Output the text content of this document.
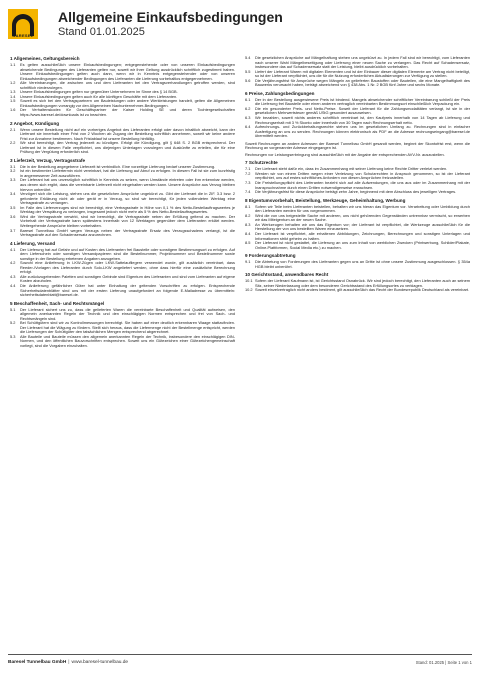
BARESEL
Allgemeine Einkaufsbedingungen
Stand 01.01.2025
1 Allgemeines, Geltungsbereich
1.1	Es gelten ausschließlich unsere Einkaufsbedingungen; entgegenstehende oder von unseren Einkaufsbedingungen abweichende Bedingungen des Lieferanten gelten nur, soweit wir ihrer Geltung ausdrücklich schriftlich zugestimmt haben. Unsere Einkaufsbedingungen gelten auch dann, wenn wir in Kenntnis entgegenstehender oder von unseren Einkaufsbedingungen abweichender Bedingungen des Lieferanten die Lieferung vorbehaltlos entgegennehmen.
1.2	Alle Vereinbarungen, die zwischen uns und dem Lieferanten bei den Vertragsverhandlungen getroffen werden, sind schriftlich niederzulegen.
1.3	Unsere Einkaufsbedingungen gelten nur gegenüber Unternehmern im Sinne des § 14 BGB.
1.4	Unsere Einkaufsbedingungen gelten auch für alle künftigen Geschäfte mit dem Lieferanten.
1.5	Soweit es sich bei den Vertragspartnern um Bauleistungen oder andere Werkleistungen handelt, gelten die Allgemeinen Einkaufsbedingungen vorrangig vor den Allgemeinen Nachunternehmer-Bedingungen.
1.6	Der Verhaltenskodex für Geschäftspartner der Kaiser Holding SE und deren Tochtergesellschaften https://www.baresel.de/downloads ist zu beachten.
2 Angebot, Kündigung
2.1	Wenn unsere Bestellung nicht auf ein vorheriges Angebot des Lieferanten erfolgt oder davon inhaltlich abweicht, kann der Lieferant sie innerhalb einer Frist von 2 Wochen ab Zugang der Bestellung schriftlich annehmen, soweit wir keine andere Frist zur Annahme bestimmen. Nach Fristablauf ist unsere Bestellung hinfällig.
2.2	Wir sind berechtigt, den Vertrag jederzeit zu kündigen. Erfolgt die Kündigung, gilt § 648 S. 2 BGB entsprechend. Der Lieferant ist in diesem Falle verpflichtet, uns diejenigen Unterlagen vorzulegen und Auskünfte zu erteilen, die für eine Prüfung der Vergütung erforderlich sind.
3 Lieferzeit, Verzug, Vertragsstrafe
3.1	Die in der Bestellung angegebene Lieferzeit ist verbindlich. Eine vorzeitige Lieferung bedarf unserer Zustimmung.
3.2	Ist ein bestimmter Liefertermin nicht vereinbart, hat die Lieferung auf Abruf zu erfolgen. In diesem Fall ist sie zum kurzfristig in angemessener Zeit auszuführen.
3.3	Der Lieferant hat uns unverzüglich schriftlich in Kenntnis zu setzen, wenn Umstände eintreten oder ihm erkennbar werden, aus denen sich ergibt, dass die vereinbarte Lieferzeit nicht eingehalten werden kann. Unsere Ansprüche aus Verzug bleiben hiervon unberührt.
3.4	Verzögert sich die Leistung, stehen uns die gesetzlichen Ansprüche ungekürzt zu. Gibt der Lieferant die in ZIF. 3.3 bzw. 2 geforderte Erklärung nicht ab oder gerät er in Verzug, so sind wir berechtigt, für jeden vollendeten Werktag eine Vertragsstrafe zu verlangen.
3.5	Im Falle des Lieferverzuges sind wir berechtigt, eine Vertragsstrafe in Höhe von 0,1 % des Netto-Bestellauftragswertes je Werktag der Verspätung zu verlangen, insgesamt jedoch nicht mehr als 5 % des Netto-Bestellauftragswertes.
3.6	Wird die Vertragsstrafe verwirkt, sind wir berechtigt, die Vertragsstrafe neben der Erfüllung geltend zu machen. Der Vorbehalt der Vertragsstrafe kann spätestens innerhalb von 12 Werktagen gegenüber dem Lieferanten erklärt werden. Weitergehende Ansprüche bleiben vorbehalten.
3.7	Baresel Tunnelbau GmbH wegen Verzugs neben der Vertragsstrafe Ersatz des Verzugsschadens verlangt, ist die Vertragsstrafe auf den Schadensersatz anzurechnen.
4 Lieferung, Versand
4.1	Der Lieferung hat auf Gefahr und auf Kosten des Lieferanten frei Baustelle oder sonstigem Bestimmungsort zu erfolgen. Auf dem Lieferschein oder sonstigen Versandpapieren sind die Bestellnummer, Projektnummer und Bestellnummer sowie sonstige in der Bestellung erbetenen Angaben anzugeben.
4.2	Sowohl eine Anlieferung in LKW-Zügen oder LKW-Sattelaufliegern verwendet wurde, gilt zusätzlich vereinbart, dass Reeder-/Vorlagen des Lieferanten durch Solo-LKW angeliefert werden, ohne dass hierfür eine zusätzliche Berechnung erfolgt.
4.3	Alle zurückzugebenden Paletten und sonstigen Gebinde sind Eigentum des Lieferanten und sind vom Lieferanten auf eigene Kosten abzuholen.
4.4	Die Anlieferung gefährlicher Güter hat unter Einhaltung der geltenden Vorschriften zu erfolgen. Entsprechende Sicherheitsdatenblätter sind uns mit der ersten Lieferung unaufgefordert an folgende E-Mailadresse zu übermitteln: sicherheitsdatenblatt@baresel.de.
5 Beschaffenheit, Sach- und Rechtsmängel
5.1	Der Lieferant sichert uns zu, dass die gelieferten Waren die vereinbarte Beschaffenheit und Qualität aufweisen, den allgemein anerkannten Regeln der Technik und den einschlägigen Normen entsprechen und frei von Sach- und Rechtsmängeln sind.
5.2	Bei Schüttgütern sind wir zu Kontrollmessungen berechtigt. Sie haben auf einer deutlich erkennbaren Waage stattzufinden. Der Lieferant hat die Wägung zu fördern. Stellt sich heraus, dass die Liefermenge nicht der Bestellmenge entspricht, werden die Lieferungen der Schüttgüter den tatsächlichen Mengen entsprechend abgerechnet.
5.3	Alle Bauteile und Bauteile müssen den allgemein anerkannten Regeln der Technik, insbesondere den einschlägigen DIN-Normen, und den öffentlichen Bauvorschriften entsprechen. Soweit uns ein Gütezeichen einer Gütezeichengemeinschaft vorliegt, sind die Vorgaben einzuhalten.
5.4	Die gesetzlichen Ansprüche auf Mängelhaftung stehen uns ungekürzt zu. In jedem Fall sind wir berechtigt, vom Lieferanten nach unserer Wahl Mängelbeseitigung oder Lieferung einer neuen Sache zu verlangen. Das Recht auf Schadensersatz, insbesondere das auf Schadensersatz statt der Leistung, bleibt ausdrücklich vorbehalten.
5.5	Liefert der Lieferant Waren mit digitalen Elementen und ist der Einbauer dieser digitalen Elemente am Vertrag nicht beteiligt, so ist der Lieferant verpflichtet, uns die für die Nutzung erforderlichen Aktualisierungen zur Verfügung zu stellen.
5.6	Die Verjährungsfrist für Ansprüche wegen Mängeln an gelieferten Baustoffen oder Bauteilen, die eine Mangelhaftigkeit des Bauwerks verursacht haben, beträgt abweichend von § 438 Abs. 1 Nr. 2 BGB fünf Jahre und sechs Monate.
6 Preise, Zahlungsbedingungen
6.1	Der in der Bestellung ausgewiesene Preis ist bindend. Mangels abweichender schriftlicher Vereinbarung schließt der Preis die Lieferung frei Baustelle oder einen anderen vertraglich vereinbarten Bestimmungsort einschließlich Verpackung ein.
6.2	Die ein gesonderter Preis- und Netto-Preise. Soweit der Lieferant für die Zahlungsmodalitäten verlangt, ist sie in der gesetzlichen Mehrwertsteuer gemäß UStG gesondert auszuweisen.
6.3	Wir bezahlen, soweit nichts anderes schriftlich vereinbart ist, den Kaufpreis innerhalb von 14 Tagen ab Lieferung und Rechnungserhalt mit 3 % Skonto oder innerhalb von 30 Tagen nach Rechnungserhalt netto.
6.4	Aufrechnungs- und Zurückbehaltungsrechte stehen uns im gesetzlichen Umfang zu. Rechnungen sind in einfacher Ausfertigung an uns zu senden. Rechnungen können elektronisch als PDF an die Adresse rechnungseingang@baresel.de übermittelt werden.
Soweit Rechnungen an andere Adressen der Baresel Tunnelbau GmbH gesandt werden, beginnt der Skontofrist erst, wenn die Rechnung an vorgenannter Adresse eingegangen ist.
Rechnungen vor Leistungserbringung sind ausschließlich mit der Angabe der entsprechenden AVV-Nr. auszustellen.
7 Schutzrechte
7.1	Der Lieferant steht dafür ein, dass im Zusammenhang mit seiner Lieferung keine Rechte Dritter verletzt werden.
7.2	Werden wir von einem Dritten wegen einer Verletzung von Schutzrechten in Anspruch genommen, so ist der Lieferant verpflichtet, uns auf erstes schriftliches Anfordern von diesen Ansprüchen freizustellen.
7.3	Die Freistellungspflicht des Lieferanten bezieht sich auf alle Aufwendungen, die uns aus oder im Zusammenhang mit der Inanspruchnahme durch einen Dritten notwendigerweise erwachsen.
7.4	Die Verjährungsfrist für diese Ansprüche beträgt zehn Jahre, beginnend mit dem Abschluss des jeweiligen Vertrages.
8 Eigentumsvorbehalt, Beistellung, Werkzeuge, Geheimhaltung, Werbung
8.1	Sofern wir Teile beim Lieferanten beistellen, behalten wir uns hieran das Eigentum vor. Verarbeitung oder Umbildung durch den Lieferanten werden für uns vorgenommen.
8.2	Wird die von uns beigestellte Sache mit anderen, uns nicht gehörenden Gegenständen untrennbar vermischt, so erwerben wir das Miteigentum an der neuen Sache.
8.3	An Werkzeugen behalten wir uns das Eigentum vor; der Lieferant ist verpflichtet, die Werkzeuge ausschließlich für die Herstellung der von uns bestellten Waren einzusetzen.
8.4	Der Lieferant ist verpflichtet, alle erhaltenen Abbildungen, Zeichnungen, Berechnungen und sonstigen Unterlagen und Informationen strikt geheim zu halten.
8.5	Der Lieferant ist nicht gestattet, die Lieferung an uns zum Inhalt von werblichen Zwecken (Printwerbung, Schilder/Plakate, Online-Plattformen, Social Media etc.) zu machen.
9 Forderungsabtretung
9.1	Die Abtretung von Forderungen des Lieferanten gegen uns an Dritte ist ohne unsere Zustimmung ausgeschlossen. § 354a HGB bleibt unberührt.
10 Gerichtsstand, anwendbares Recht
10.1 Sofern der Lieferant Kaufmann ist, ist Gerichtsstand Osnabrück. Wir sind jedoch berechtigt, den Lieferanten auch an seinem Sitz, seiner Niederlassung oder dem besonderen Gerichtsstand des Erfüllungsortes zu verklagen.
10.2 Soweit einzelvertraglich nicht anders bestimmt, gilt ausschließlich das Recht der Bundesrepublik Deutschland als vereinbart.
Baresel Tunnelbau GmbH | www.baresel-tunnelbau.de	Stand: 01.2025 | Seite 1 von 1
